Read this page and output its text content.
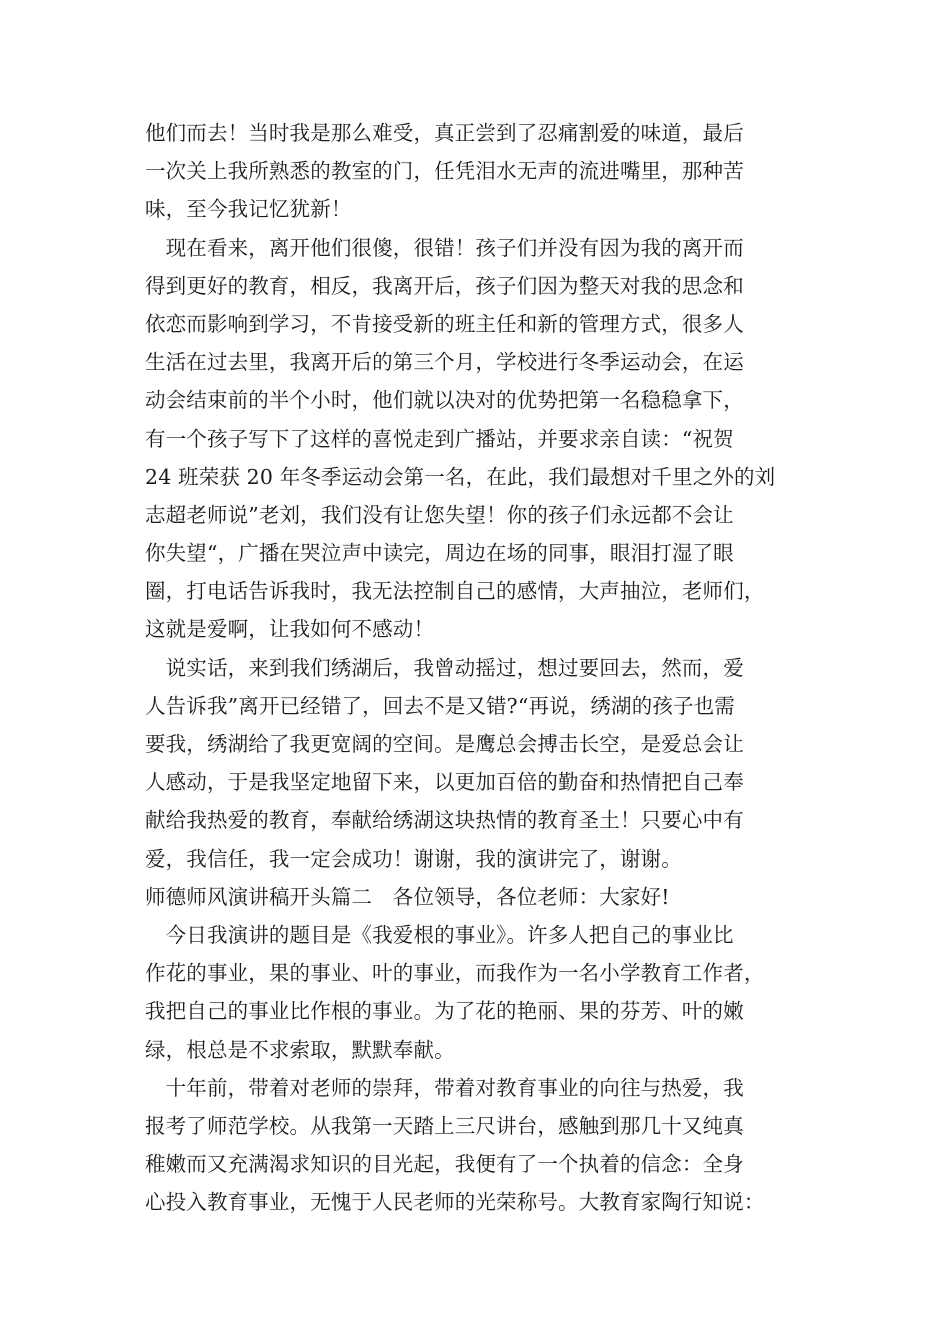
他们而去！当时我是那么难受，真正尝到了忍痛割爱的味道，最后
一次关上我所熟悉的教室的门，任凭泪水无声的流进嘴里，那种苦
味，至今我记忆犹新！
　现在看来，离开他们很傻，很错！孩子们并没有因为我的离开而
得到更好的教育，相反，我离开后，孩子们因为整天对我的思念和
依恋而影响到学习，不肯接受新的班主任和新的管理方式，很多人
生活在过去里，我离开后的第三个月，学校进行冬季运动会，在运
动会结束前的半个小时，他们就以决对的优势把第一名稳稳拿下，
有一个孩子写下了这样的喜悦走到广播站，并要求亲自读：“祝贺
24 班荣获 20 年冬季运动会第一名，在此，我们最想对千里之外的刘
志超老师说”老刘，我们没有让您失望！你的孩子们永远都不会让
你失望“，广播在哭泣声中读完，周边在场的同事，眼泪打湿了眼
圈，打电话告诉我时，我无法控制自己的感情，大声抽泣，老师们，
这就是爱啊，让我如何不感动！
　说实话，来到我们绣湖后，我曾动摇过，想过要回去，然而，爱
人告诉我”离开已经错了，回去不是又错?“再说，绣湖的孩子也需
要我，绣湖给了我更宽阔的空间。是鹰总会搏击长空，是爱总会让
人感动，于是我坚定地留下来，以更加百倍的勤奋和热情把自己奉
献给我热爱的教育，奉献给绣湖这块热情的教育圣土！只要心中有
爱，我信任，我一定会成功！谢谢，我的演讲完了，谢谢。
师德师风演讲稿开头篇二　各位领导，各位老师：大家好!
　今日我演讲的题目是《我爱根的事业》。许多人把自己的事业比
作花的事业，果的事业、叶的事业，而我作为一名小学教育工作者，
我把自己的事业比作根的事业。为了花的艳丽、果的芬芳、叶的嫩
绿，根总是不求索取，默默奉献。
　十年前，带着对老师的崇拜，带着对教育事业的向往与热爱，我
报考了师范学校。从我第一天踏上三尺讲台，感触到那几十又纯真
稚嫩而又充满渴求知识的目光起，我便有了一个执着的信念：全身
心投入教育事业，无愧于人民老师的光荣称号。大教育家陶行知说：
